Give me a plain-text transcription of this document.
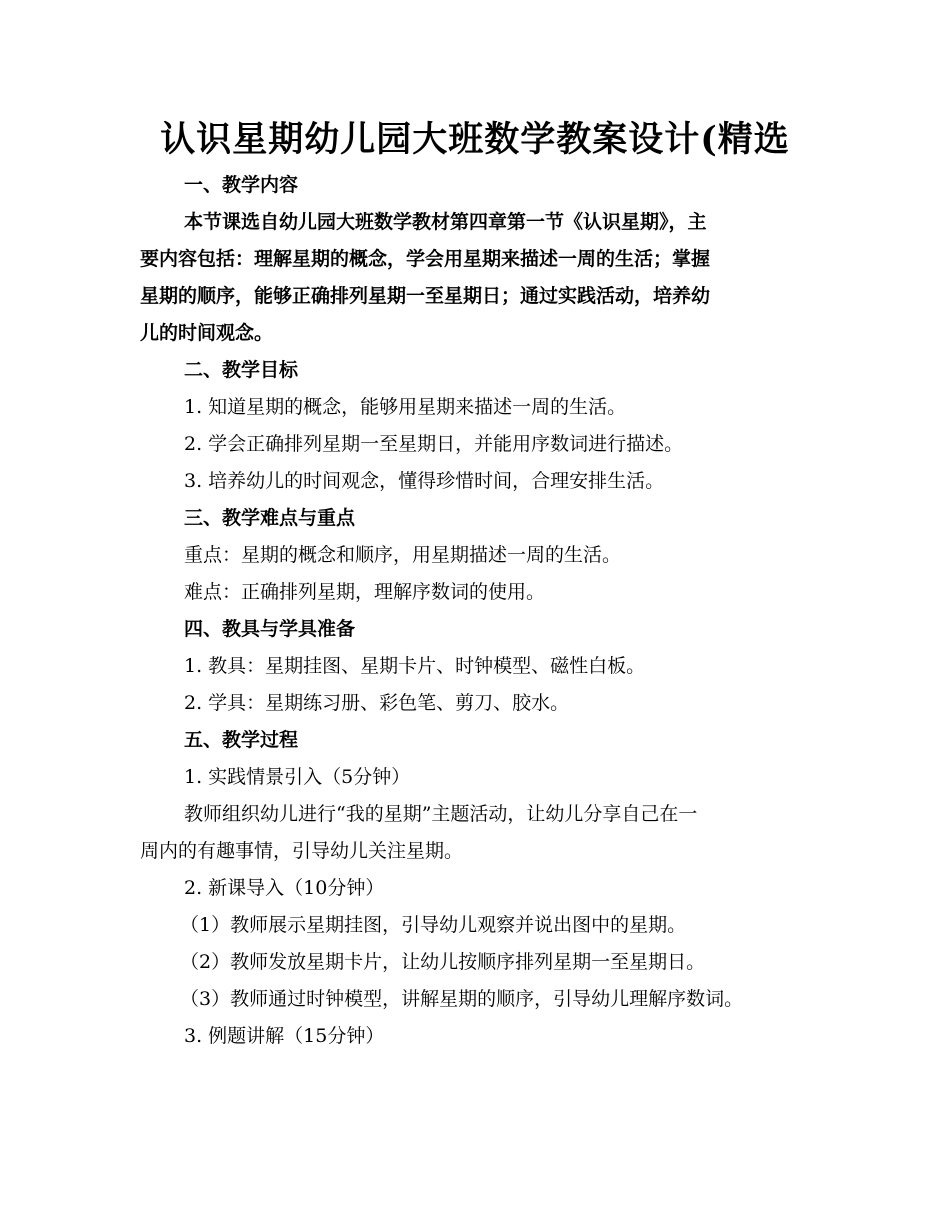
认识星期幼儿园大班数学教案设计(精选
一、教学内容
本节课选自幼儿园大班数学教材第四章第一节《认识星期》，主
要内容包括：理解星期的概念，学会用星期来描述一周的生活；掌握
星期的顺序，能够正确排列星期一至星期日；通过实践活动，培养幼
儿的时间观念。
二、教学目标
1. 知道星期的概念，能够用星期来描述一周的生活。
2. 学会正确排列星期一至星期日，并能用序数词进行描述。
3. 培养幼儿的时间观念，懂得珍惜时间，合理安排生活。
三、教学难点与重点
重点：星期的概念和顺序，用星期描述一周的生活。
难点：正确排列星期，理解序数词的使用。
四、教具与学具准备
1. 教具：星期挂图、星期卡片、时钟模型、磁性白板。
2. 学具：星期练习册、彩色笔、剪刀、胶水。
五、教学过程
1. 实践情景引入（5分钟）
教师组织幼儿进行“我的星期”主题活动，让幼儿分享自己在一
周内的有趣事情，引导幼儿关注星期。
2. 新课导入（10分钟）
（1）教师展示星期挂图，引导幼儿观察并说出图中的星期。
（2）教师发放星期卡片，让幼儿按顺序排列星期一至星期日。
（3）教师通过时钟模型，讲解星期的顺序，引导幼儿理解序数词。
3. 例题讲解（15分钟）
